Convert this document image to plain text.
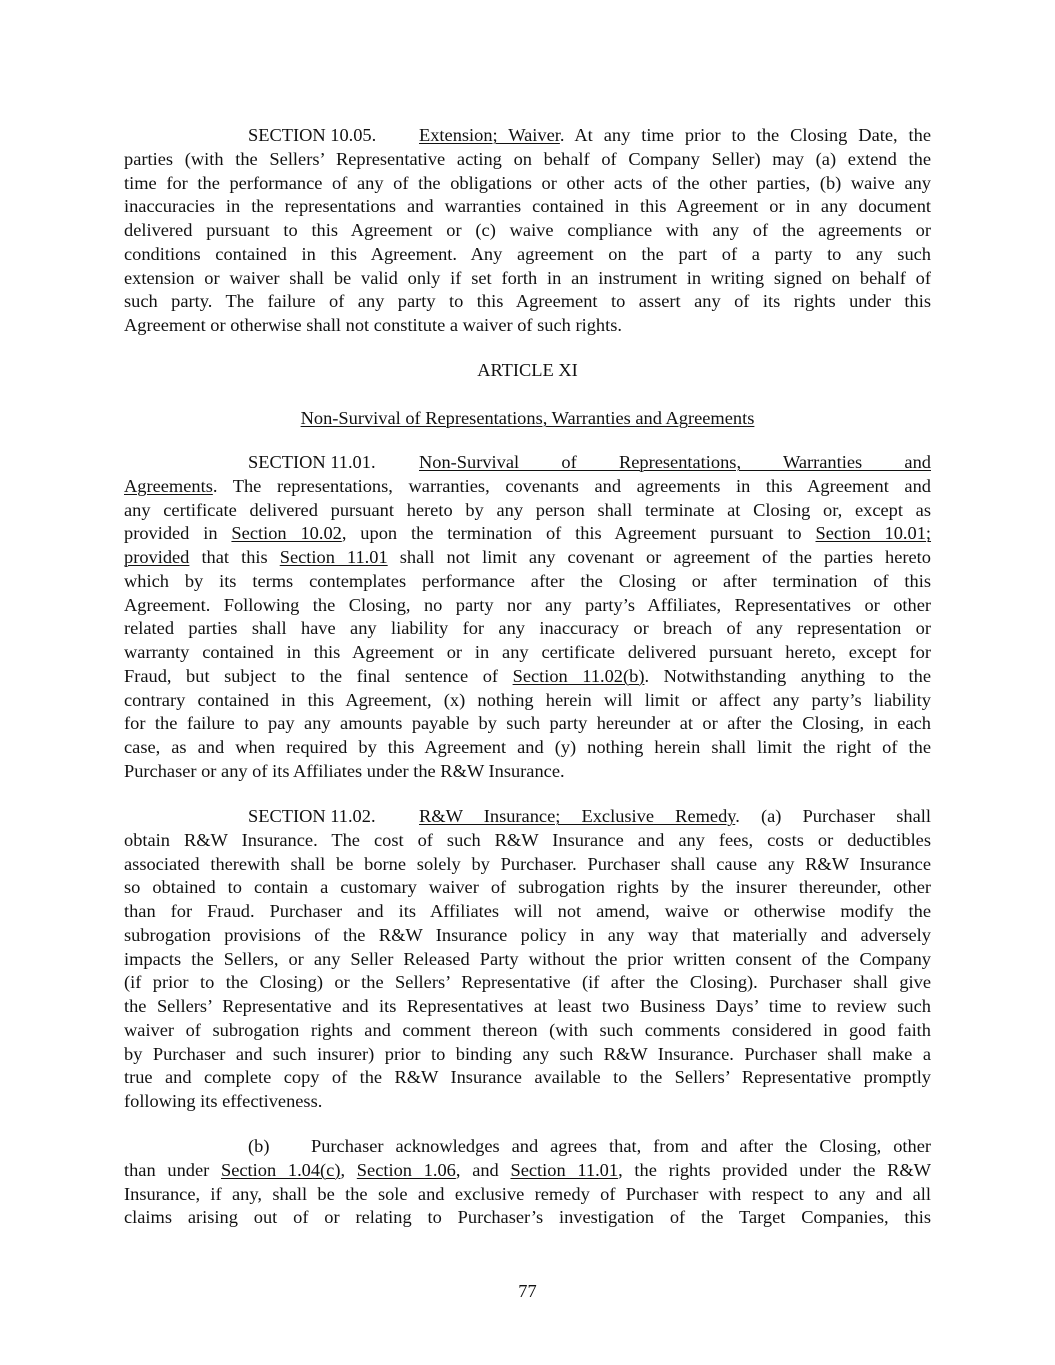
SECTION 10.05. Extension; Waiver. At any time prior to the Closing Date, the
parties (with the Sellers’ Representative acting on behalf of Company Seller) may (a) extend the
time for the performance of any of the obligations or other acts of the other parties, (b) waive any
inaccuracies in the representations and warranties contained in this Agreement or in any document
delivered pursuant to this Agreement or (c) waive compliance with any of the agreements or
conditions contained in this Agreement. Any agreement on the part of a party to any such
extension or waiver shall be valid only if set forth in an instrument in writing signed on behalf of
such party. The failure of any party to this Agreement to assert any of its rights under this
Agreement or otherwise shall not constitute a waiver of such rights.
ARTICLE XI
Non-Survival of Representations, Warranties and Agreements
SECTION 11.01. Non-Survival of Representations, Warranties and
Agreements. The representations, warranties, covenants and agreements in this Agreement and
any certificate delivered pursuant hereto by any person shall terminate at Closing or, except as
provided in Section 10.02, upon the termination of this Agreement pursuant to Section 10.01;
provided that this Section 11.01 shall not limit any covenant or agreement of the parties hereto
which by its terms contemplates performance after the Closing or after termination of this
Agreement. Following the Closing, no party nor any party’s Affiliates, Representatives or other
related parties shall have any liability for any inaccuracy or breach of any representation or
warranty contained in this Agreement or in any certificate delivered pursuant hereto, except for
Fraud, but subject to the final sentence of Section 11.02(b). Notwithstanding anything to the
contrary contained in this Agreement, (x) nothing herein will limit or affect any party’s liability
for the failure to pay any amounts payable by such party hereunder at or after the Closing, in each
case, as and when required by this Agreement and (y) nothing herein shall limit the right of the
Purchaser or any of its Affiliates under the R&W Insurance.
SECTION 11.02. R&W Insurance; Exclusive Remedy. (a) Purchaser shall
obtain R&W Insurance. The cost of such R&W Insurance and any fees, costs or deductibles
associated therewith shall be borne solely by Purchaser. Purchaser shall cause any R&W Insurance
so obtained to contain a customary waiver of subrogation rights by the insurer thereunder, other
than for Fraud. Purchaser and its Affiliates will not amend, waive or otherwise modify the
subrogation provisions of the R&W Insurance policy in any way that materially and adversely
impacts the Sellers, or any Seller Released Party without the prior written consent of the Company
(if prior to the Closing) or the Sellers’ Representative (if after the Closing). Purchaser shall give
the Sellers’ Representative and its Representatives at least two Business Days’ time to review such
waiver of subrogation rights and comment thereon (with such comments considered in good faith
by Purchaser and such insurer) prior to binding any such R&W Insurance. Purchaser shall make a
true and complete copy of the R&W Insurance available to the Sellers’ Representative promptly
following its effectiveness.
(b) Purchaser acknowledges and agrees that, from and after the Closing, other
than under Section 1.04(c), Section 1.06, and Section 11.01, the rights provided under the R&W
Insurance, if any, shall be the sole and exclusive remedy of Purchaser with respect to any and all
claims arising out of or relating to Purchaser’s investigation of the Target Companies, this
77
